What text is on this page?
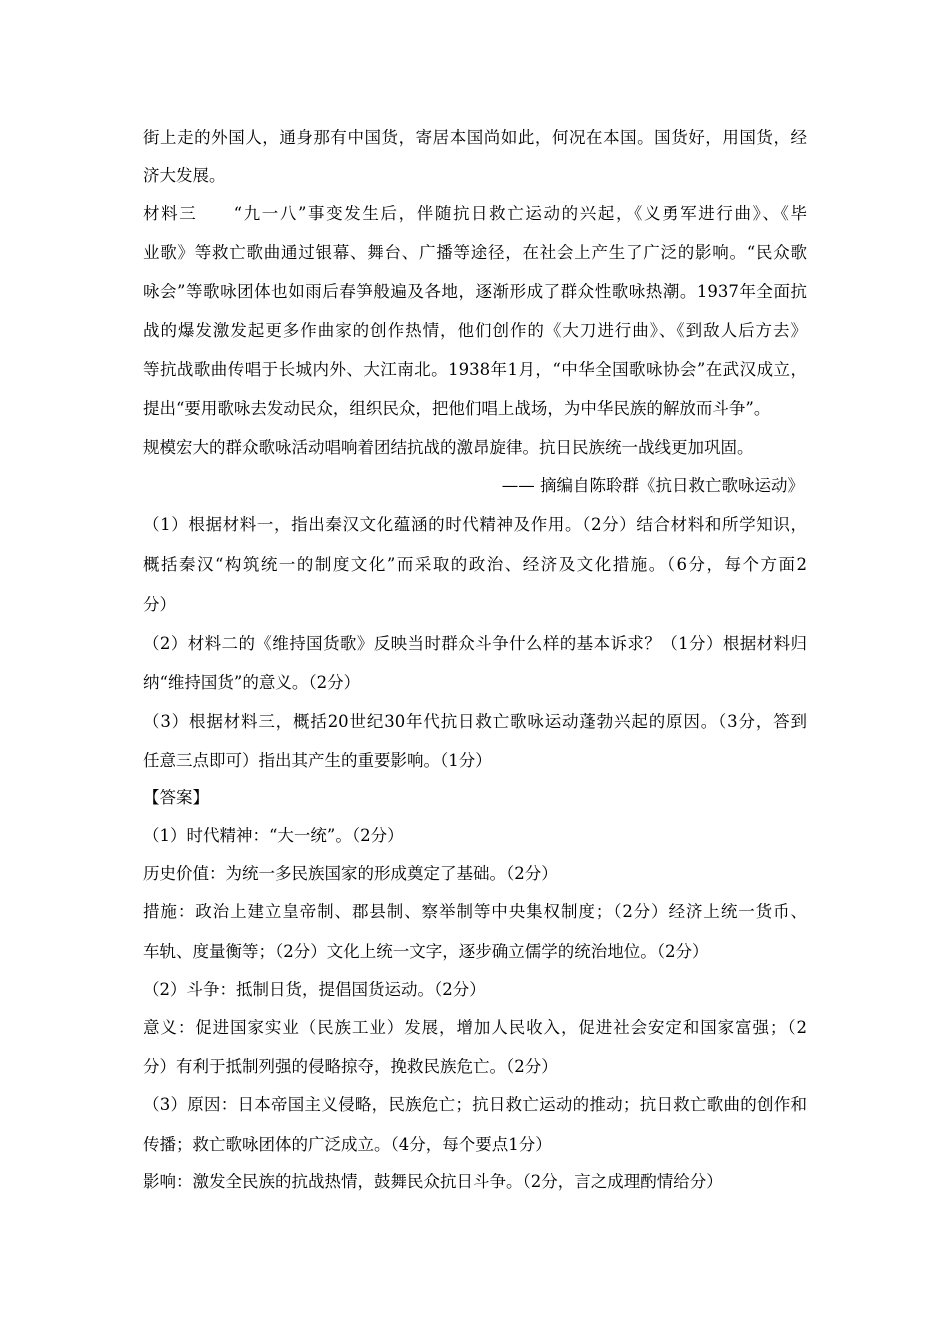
街上走的外国人，通身那有中国货，寄居本国尚如此，何况在本国。国货好，用国货，经
济大发展。
材料三　　“九一八”事变发生后，伴随抗日救亡运动的兴起，《义勇军进行曲》、《毕
业歌》等救亡歌曲通过银幕、舞台、广播等途径，在社会上产生了广泛的影响。“民众歌
咏会”等歌咏团体也如雨后春笋般遍及各地，逐渐形成了群众性歌咏热潮。1937年全面抗
战的爆发激发起更多作曲家的创作热情，他们创作的《大刀进行曲》、《到敌人后方去》
等抗战歌曲传唱于长城内外、大江南北。1938年1月，“中华全国歌咏协会”在武汉成立，
提出“要用歌咏去发动民众，组织民众，把他们唱上战场，为中华民族的解放而斗争”。
规模宏大的群众歌咏活动唱响着团结抗战的激昂旋律。抗日民族统一战线更加巩固。
—— 摘编自陈聆群《抗日救亡歌咏运动》
（1）根据材料一，指出秦汉文化蕴涵的时代精神及作用。（2分）结合材料和所学知识，
概括秦汉“构筑统一的制度文化”而采取的政治、经济及文化措施。（6分，每个方面2
分）
（2）材料二的《维持国货歌》反映当时群众斗争什么样的基本诉求？（1分）根据材料归
纳“维持国货”的意义。（2分）
（3）根据材料三，概括20世纪30年代抗日救亡歌咏运动蓬勃兴起的原因。（3分，答到
任意三点即可）指出其产生的重要影响。（1分）
【答案】
（1）时代精神：“大一统”。（2分）
历史价值：为统一多民族国家的形成奠定了基础。（2分）
措施：政治上建立皇帝制、郡县制、察举制等中央集权制度；（2分）经济上统一货币、
车轨、度量衡等；（2分）文化上统一文字，逐步确立儒学的统治地位。（2分）
（2）斗争：抵制日货，提倡国货运动。（2分）
意义：促进国家实业（民族工业）发展，增加人民收入，促进社会安定和国家富强；（2
分）有利于抵制列强的侵略掠夺，挽救民族危亡。（2分）
（3）原因：日本帝国主义侵略，民族危亡；抗日救亡运动的推动；抗日救亡歌曲的创作和
传播；救亡歌咏团体的广泛成立。（4分，每个要点1分）
影响：激发全民族的抗战热情，鼓舞民众抗日斗争。（2分，言之成理酌情给分）
